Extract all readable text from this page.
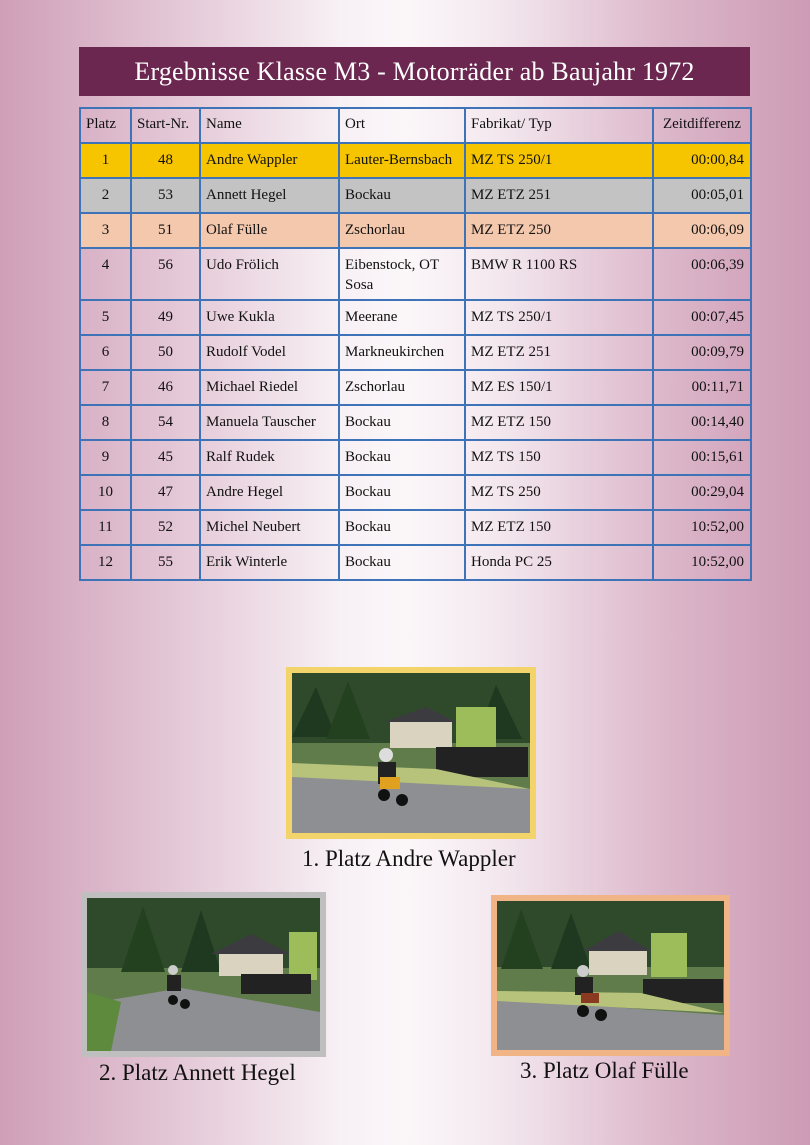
Ergebnisse Klasse M3 - Motorräder ab Baujahr 1972
Platz	Start-Nr.	Name	Ort	Fabrikat/ Typ	Zeitdifferenz
1	48	Andre Wappler	Lauter-Bernsbach	MZ TS 250/1	00:00,84
2	53	Annett Hegel	Bockau	MZ ETZ 251	00:05,01
3	51	Olaf Fülle	Zschorlau	MZ ETZ 250	00:06,09
4	56	Udo Frölich	Eibenstock, OT Sosa	BMW R 1100 RS	00:06,39
5	49	Uwe Kukla	Meerane	MZ TS 250/1	00:07,45
6	50	Rudolf Vodel	Markneukirchen	MZ ETZ 251	00:09,79
7	46	Michael Riedel	Zschorlau	MZ ES 150/1	00:11,71
8	54	Manuela Tauscher	Bockau	MZ ETZ 150	00:14,40
9	45	Ralf Rudek	Bockau	MZ TS 150	00:15,61
10	47	Andre Hegel	Bockau	MZ TS 250	00:29,04
11	52	Michel Neubert	Bockau	MZ ETZ 150	10:52,00
12	55	Erik Winterle	Bockau	Honda PC 25	10:52,00
1. Platz Andre Wappler
2. Platz Annett Hegel	3. Platz Olaf Fülle
